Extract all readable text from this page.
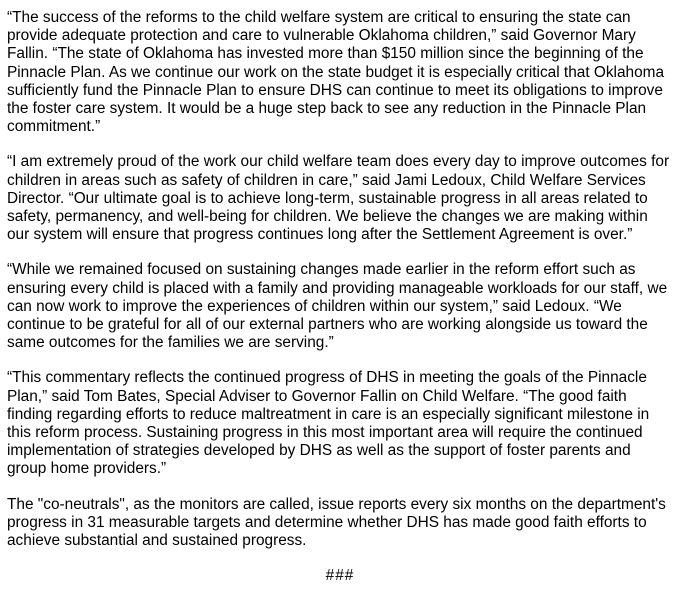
“The success of the reforms to the child welfare system are critical to ensuring the state can provide adequate protection and care to vulnerable Oklahoma children,” said Governor Mary Fallin. “The state of Oklahoma has invested more than $150 million since the beginning of the Pinnacle Plan. As we continue our work on the state budget it is especially critical that Oklahoma sufficiently fund the Pinnacle Plan to ensure DHS can continue to meet its obligations to improve the foster care system. It would be a huge step back to see any reduction in the Pinnacle Plan commitment.”

“I am extremely proud of the work our child welfare team does every day to improve outcomes for children in areas such as safety of children in care,” said Jami Ledoux, Child Welfare Services Director. “Our ultimate goal is to achieve long-term, sustainable progress in all areas related to safety, permanency, and well-being for children. We believe the changes we are making within our system will ensure that progress continues long after the Settlement Agreement is over.”

“While we remained focused on sustaining changes made earlier in the reform effort such as ensuring every child is placed with a family and providing manageable workloads for our staff, we can now work to improve the experiences of children within our system,” said Ledoux. “We continue to be grateful for all of our external partners who are working alongside us toward the same outcomes for the families we are serving.”

“This commentary reflects the continued progress of DHS in meeting the goals of the Pinnacle Plan,” said Tom Bates, Special Adviser to Governor Fallin on Child Welfare. “The good faith finding regarding efforts to reduce maltreatment in care is an especially significant milestone in this reform process. Sustaining progress in this most important area will require the continued implementation of strategies developed by DHS as well as the support of foster parents and group home providers.”

The "co-neutrals", as the monitors are called, issue reports every six months on the department's progress in 31 measurable targets and determine whether DHS has made good faith efforts to achieve substantial and sustained progress.

###
